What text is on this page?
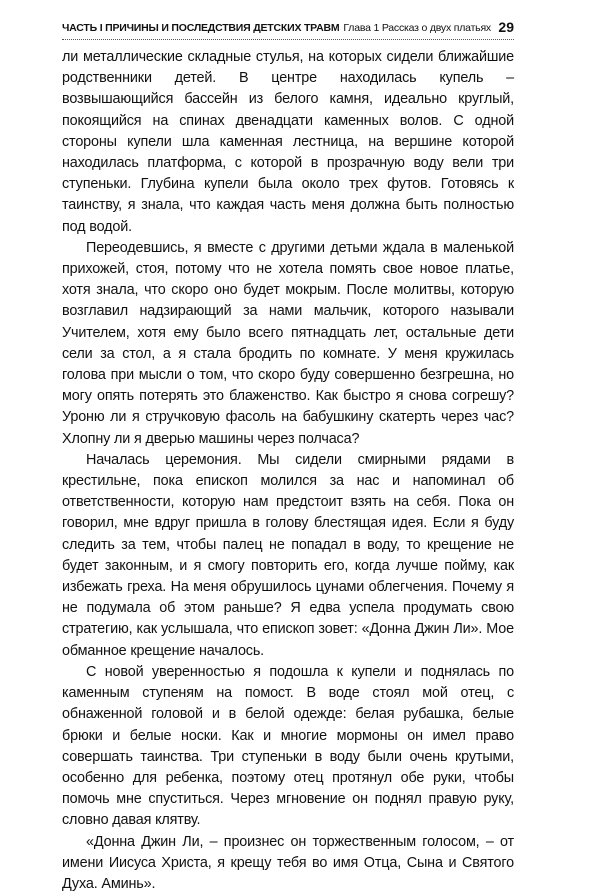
ЧАСТЬ I ПРИЧИНЫ И ПОСЛЕДСТВИЯ ДЕТСКИХ ТРАВМ Глава 1 Рассказ о двух платьях 29

ли металлические складные стулья, на которых сидели ближайшие родственники детей. В центре находилась купель – возвышающийся бассейн из белого камня, идеально круглый, покоящийся на спинах двенадцати каменных волов. С одной стороны купели шла каменная лестница, на вершине которой находилась платформа, с которой в прозрачную воду вели три ступеньки. Глубина купели была около трех футов. Готовясь к таинству, я знала, что каждая часть меня должна быть полностью под водой.

Переодевшись, я вместе с другими детьми ждала в маленькой прихожей, стоя, потому что не хотела помять свое новое платье, хотя знала, что скоро оно будет мокрым. После молитвы, которую возглавил надзирающий за нами мальчик, которого называли Учителем, хотя ему было всего пятнадцать лет, остальные дети сели за стол, а я стала бродить по комнате. У меня кружилась голова при мысли о том, что скоро буду совершенно безгрешна, но могу опять потерять это блаженство. Как быстро я снова согрешу? Уроню ли я стручковую фасоль на бабушкину скатерть через час? Хлопну ли я дверью машины через полчаса?

Началась церемония. Мы сидели смирными рядами в крестильне, пока епископ молился за нас и напоминал об ответственности, которую нам предстоит взять на себя. Пока он говорил, мне вдруг пришла в голову блестящая идея. Если я буду следить за тем, чтобы палец не попадал в воду, то крещение не будет законным, и я смогу повторить его, когда лучше пойму, как избежать греха. На меня обрушилось цунами облегчения. Почему я не подумала об этом раньше? Я едва успела продумать свою стратегию, как услышала, что епископ зовет: «Донна Джин Ли». Мое обманное крещение началось.

С новой уверенностью я подошла к купели и поднялась по каменным ступеням на помост. В воде стоял мой отец, с обнаженной головой и в белой одежде: белая рубашка, белые брюки и белые носки. Как и многие мормоны он имел право совершать таинства. Три ступеньки в воду были очень крутыми, особенно для ребенка, поэтому отец протянул обе руки, чтобы помочь мне спуститься. Через мгновение он поднял правую руку, словно давая клятву.

«Донна Джин Ли, – произнес он торжественным голосом, – от имени Иисуса Христа, я крещу тебя во имя Отца, Сына и Святого Духа. Аминь».
